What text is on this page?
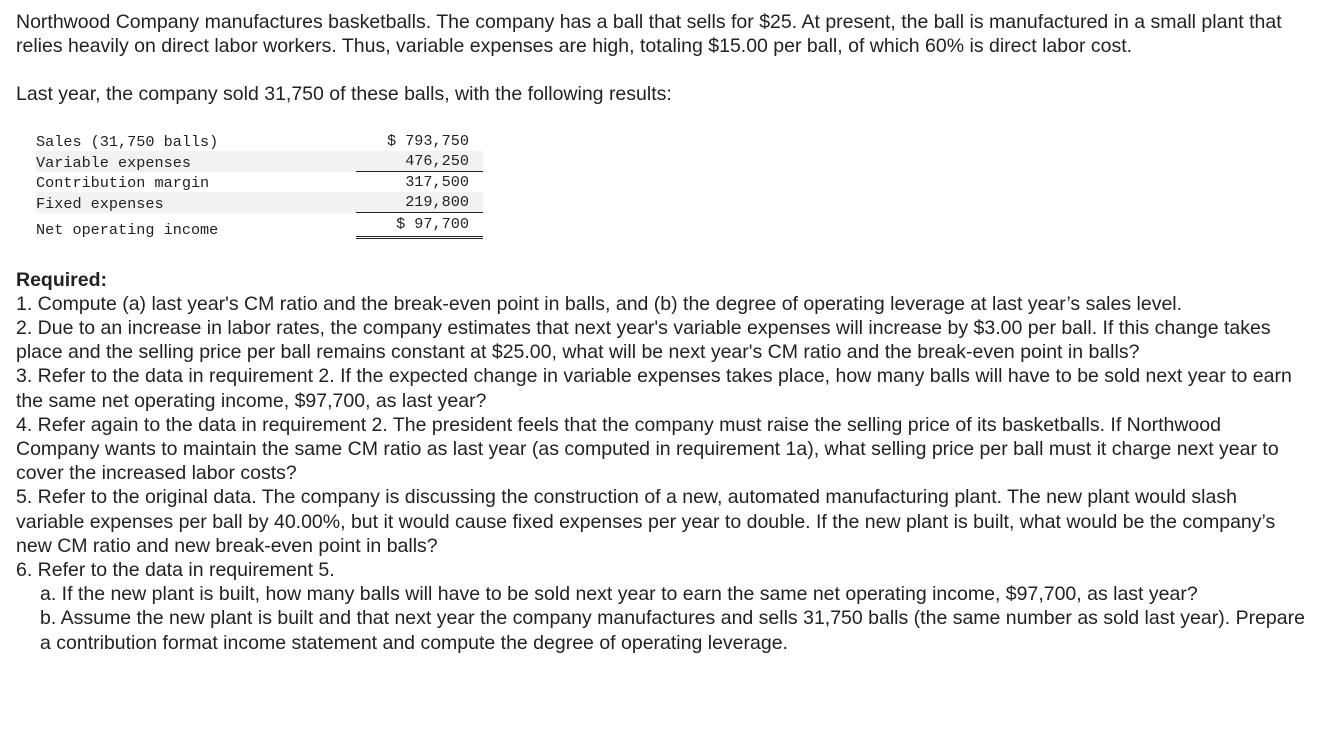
Northwood Company manufactures basketballs. The company has a ball that sells for $25. At present, the ball is manufactured in a small plant that relies heavily on direct labor workers. Thus, variable expenses are high, totaling $15.00 per ball, of which 60% is direct labor cost.

Last year, the company sold 31,750 of these balls, with the following results:

Sales (31,750 balls)	$ 793,750
Variable expenses	476,250
Contribution margin	317,500
Fixed expenses	219,800
Net operating income	$ 97,700

Required:

1. Compute (a) last year's CM ratio and the break-even point in balls, and (b) the degree of operating leverage at last year’s sales level.
2. Due to an increase in labor rates, the company estimates that next year's variable expenses will increase by $3.00 per ball. If this change takes place and the selling price per ball remains constant at $25.00, what will be next year's CM ratio and the break-even point in balls?
3. Refer to the data in requirement 2. If the expected change in variable expenses takes place, how many balls will have to be sold next year to earn the same net operating income, $97,700, as last year?
4. Refer again to the data in requirement 2. The president feels that the company must raise the selling price of its basketballs. If Northwood Company wants to maintain the same CM ratio as last year (as computed in requirement 1a), what selling price per ball must it charge next year to cover the increased labor costs?
5. Refer to the original data. The company is discussing the construction of a new, automated manufacturing plant. The new plant would slash variable expenses per ball by 40.00%, but it would cause fixed expenses per year to double. If the new plant is built, what would be the company’s new CM ratio and new break-even point in balls?
6. Refer to the data in requirement 5.
a. If the new plant is built, how many balls will have to be sold next year to earn the same net operating income, $97,700, as last year?
b. Assume the new plant is built and that next year the company manufactures and sells 31,750 balls (the same number as sold last year). Prepare a contribution format income statement and compute the degree of operating leverage.
